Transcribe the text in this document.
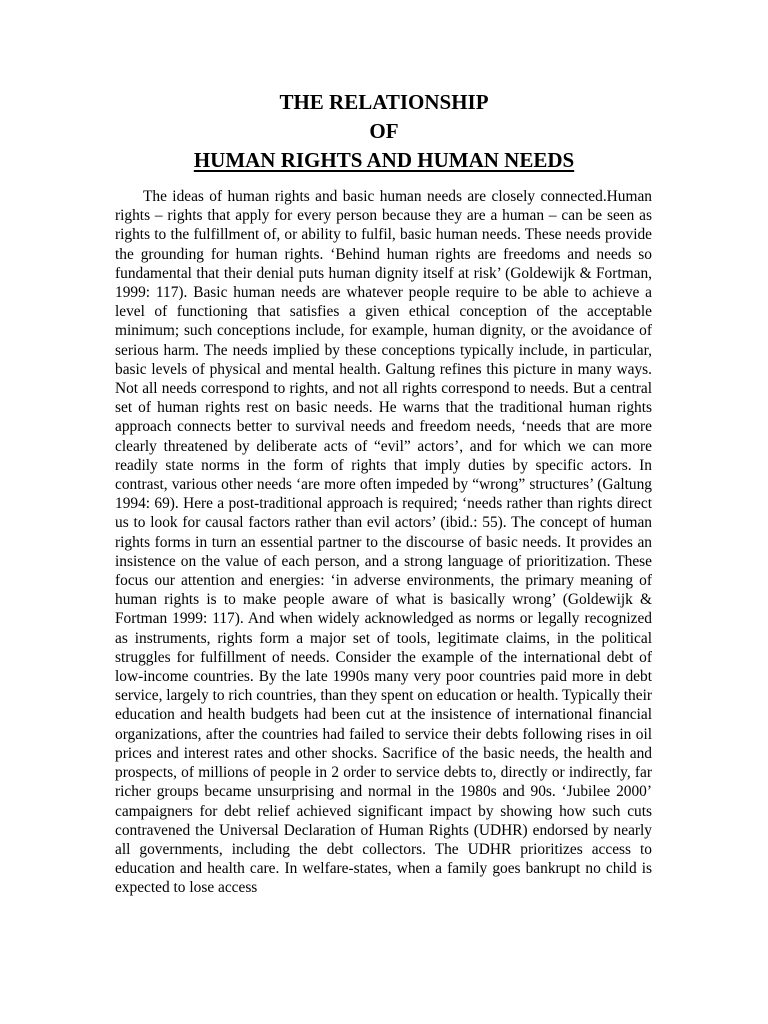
THE RELATIONSHIP
OF
HUMAN RIGHTS AND HUMAN NEEDS

The ideas of human rights and basic human needs are closely connected.Human rights – rights that apply for every person because they are a human – can be seen as rights to the fulfillment of, or ability to fulfil, basic human needs. These needs provide the grounding for human rights. ‘Behind human rights are freedoms and needs so fundamental that their denial puts human dignity itself at risk’ (Goldewijk & Fortman, 1999: 117). Basic human needs are whatever people require to be able to achieve a level of functioning that satisfies a given ethical conception of the acceptable minimum; such conceptions include, for example, human dignity, or the avoidance of serious harm. The needs implied by these conceptions typically include, in particular, basic levels of physical and mental health. Galtung refines this picture in many ways. Not all needs correspond to rights, and not all rights correspond to needs. But a central set of human rights rest on basic needs. He warns that the traditional human rights approach connects better to survival needs and freedom needs, ‘needs that are more clearly threatened by deliberate acts of “evil” actors’, and for which we can more readily state norms in the form of rights that imply duties by specific actors. In contrast, various other needs ‘are more often impeded by “wrong” structures’ (Galtung 1994: 69). Here a post-traditional approach is required; ‘needs rather than rights direct us to look for causal factors rather than evil actors’ (ibid.: 55). The concept of human rights forms in turn an essential partner to the discourse of basic needs. It provides an insistence on the value of each person, and a strong language of prioritization. These focus our attention and energies: ‘in adverse environments, the primary meaning of human rights is to make people aware of what is basically wrong’ (Goldewijk & Fortman 1999: 117). And when widely acknowledged as norms or legally recognized as instruments, rights form a major set of tools, legitimate claims, in the political struggles for fulfillment of needs. Consider the example of the international debt of low-income countries. By the late 1990s many very poor countries paid more in debt service, largely to rich countries, than they spent on education or health. Typically their education and health budgets had been cut at the insistence of international financial organizations, after the countries had failed to service their debts following rises in oil prices and interest rates and other shocks. Sacrifice of the basic needs, the health and prospects, of millions of people in 2 order to service debts to, directly or indirectly, far richer groups became unsurprising and normal in the 1980s and 90s. ‘Jubilee 2000’ campaigners for debt relief achieved significant impact by showing how such cuts contravened the Universal Declaration of Human Rights (UDHR) endorsed by nearly all governments, including the debt collectors. The UDHR prioritizes access to education and health care. In welfare-states, when a family goes bankrupt no child is expected to lose access
